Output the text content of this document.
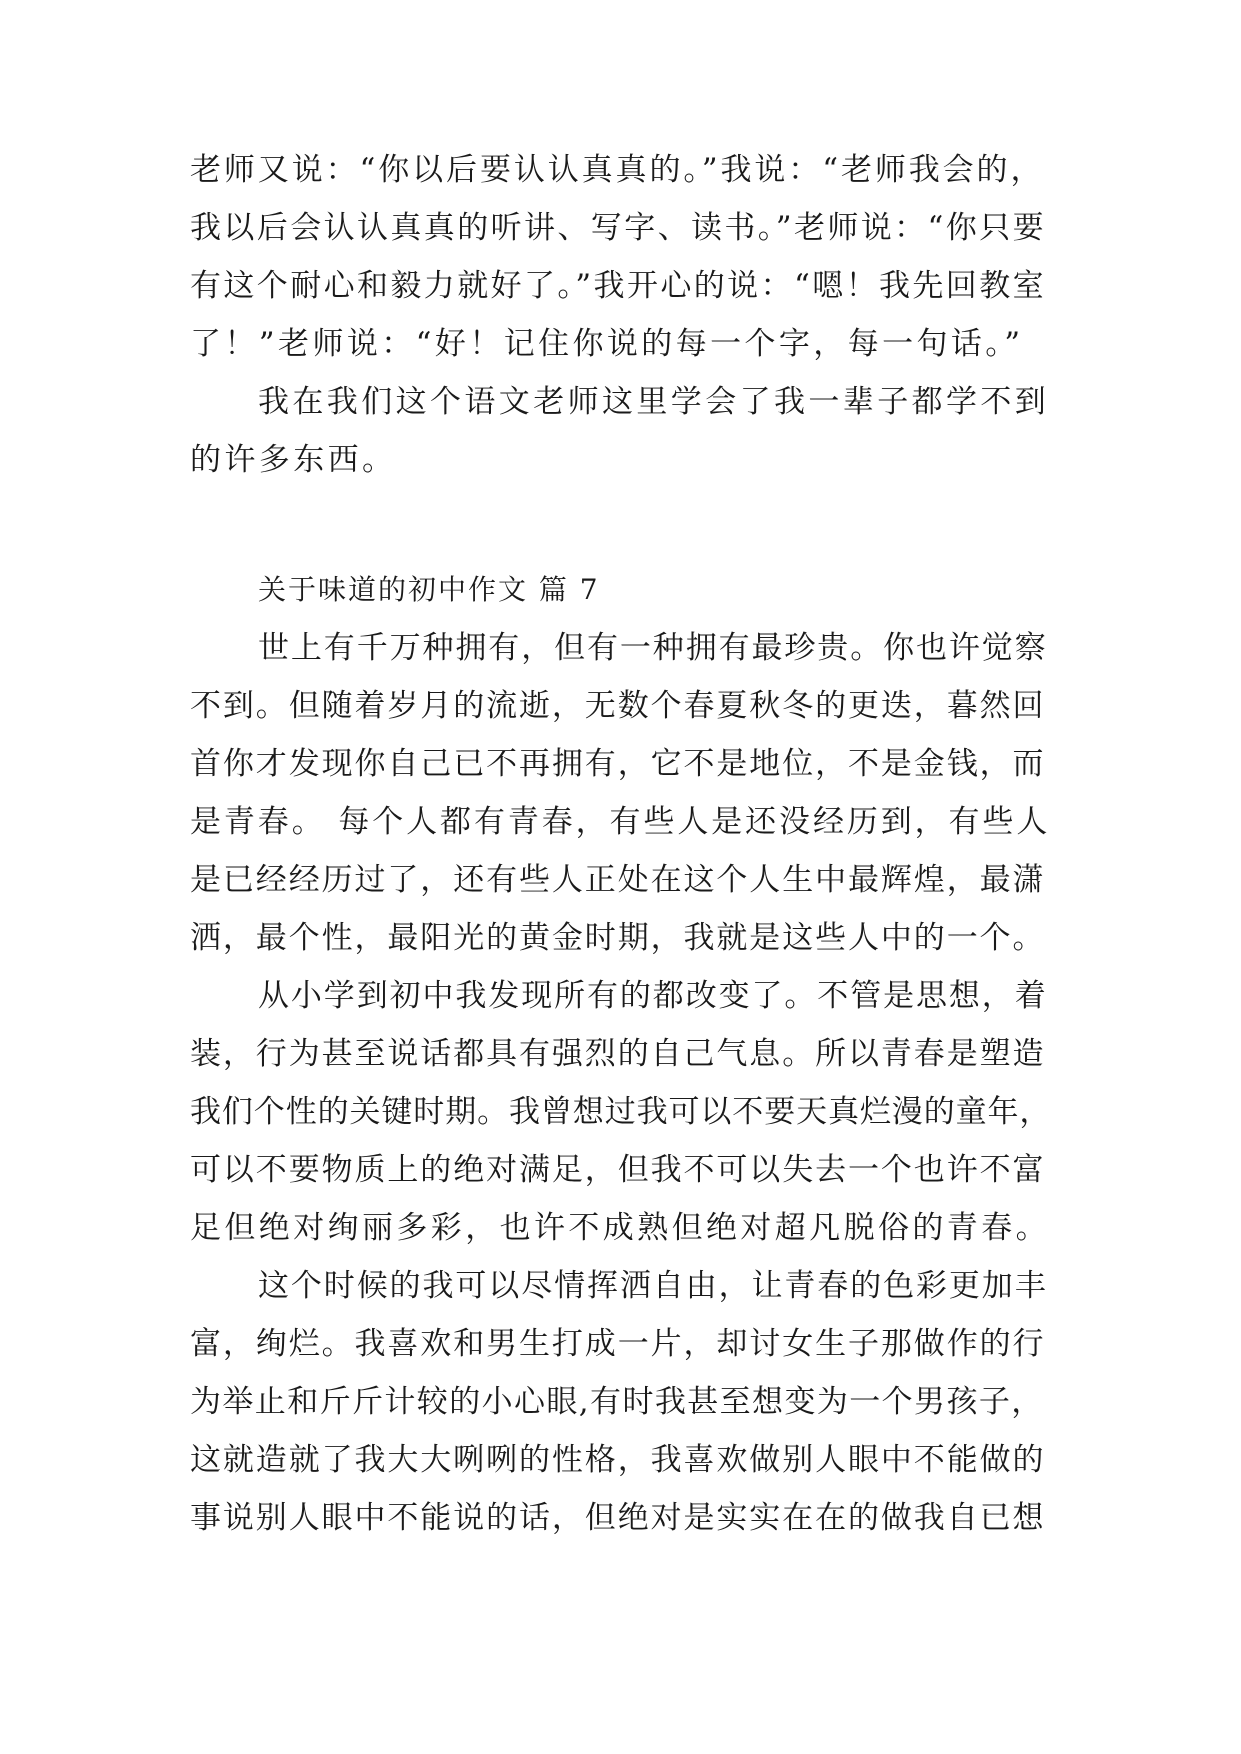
老师又说：“你以后要认认真真的。”我说：“老师我会的，
我以后会认认真真的听讲、写字、读书。”老师说：“你只要
有这个耐心和毅力就好了。”我开心的说：“嗯！我先回教室
了！”老师说：“好！记住你说的每一个字，每一句话。”
我在我们这个语文老师这里学会了我一辈子都学不到
的许多东西。
关于味道的初中作文 篇 7
世上有千万种拥有，但有一种拥有最珍贵。你也许觉察
不到。但随着岁月的流逝，无数个春夏秋冬的更迭，暮然回
首你才发现你自己已不再拥有，它不是地位，不是金钱，而
是青春。 每个人都有青春，有些人是还没经历到，有些人
是已经经历过了，还有些人正处在这个人生中最辉煌，最潇
洒，最个性，最阳光的黄金时期，我就是这些人中的一个。
从小学到初中我发现所有的都改变了。不管是思想，着
装，行为甚至说话都具有强烈的自己气息。所以青春是塑造
我们个性的关键时期。我曾想过我可以不要天真烂漫的童年，
可以不要物质上的绝对满足，但我不可以失去一个也许不富
足但绝对绚丽多彩，也许不成熟但绝对超凡脱俗的青春。
这个时候的我可以尽情挥洒自由，让青春的色彩更加丰
富，绚烂。我喜欢和男生打成一片，却讨女生子那做作的行
为举止和斤斤计较的小心眼,有时我甚至想变为一个男孩子，
这就造就了我大大咧咧的性格，我喜欢做别人眼中不能做的
事说别人眼中不能说的话，但绝对是实实在在的做我自已想
